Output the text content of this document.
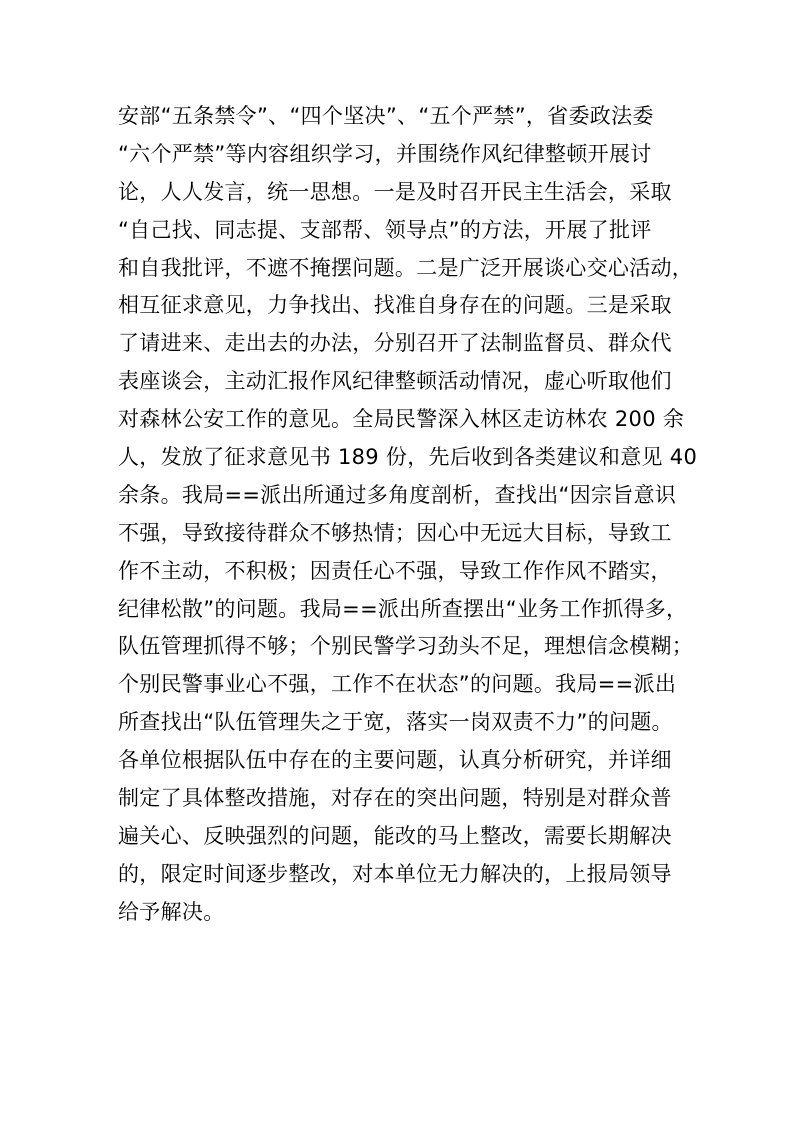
安部“五条禁令”、“四个坚决”、“五个严禁”，省委政法委
“六个严禁”等内容组织学习，并围绕作风纪律整顿开展讨
论，人人发言，统一思想。一是及时召开民主生活会，采取
“自己找、同志提、支部帮、领导点”的方法，开展了批评
和自我批评，不遮不掩摆问题。二是广泛开展谈心交心活动，
相互征求意见，力争找出、找准自身存在的问题。三是采取
了请进来、走出去的办法，分别召开了法制监督员、群众代
表座谈会，主动汇报作风纪律整顿活动情况，虚心听取他们
对森林公安工作的意见。全局民警深入林区走访林农 200 余
人，发放了征求意见书 189 份，先后收到各类建议和意见 40
余条。我局==派出所通过多角度剖析，查找出“因宗旨意识
不强，导致接待群众不够热情；因心中无远大目标，导致工
作不主动，不积极；因责任心不强，导致工作作风不踏实，
纪律松散”的问题。我局==派出所查摆出“业务工作抓得多，
队伍管理抓得不够；个别民警学习劲头不足，理想信念模糊；
个别民警事业心不强，工作不在状态”的问题。我局==派出
所查找出“队伍管理失之于宽，落实一岗双责不力”的问题。
各单位根据队伍中存在的主要问题，认真分析研究，并详细
制定了具体整改措施，对存在的突出问题，特别是对群众普
遍关心、反映强烈的问题，能改的马上整改，需要长期解决
的，限定时间逐步整改，对本单位无力解决的，上报局领导
给予解决。
